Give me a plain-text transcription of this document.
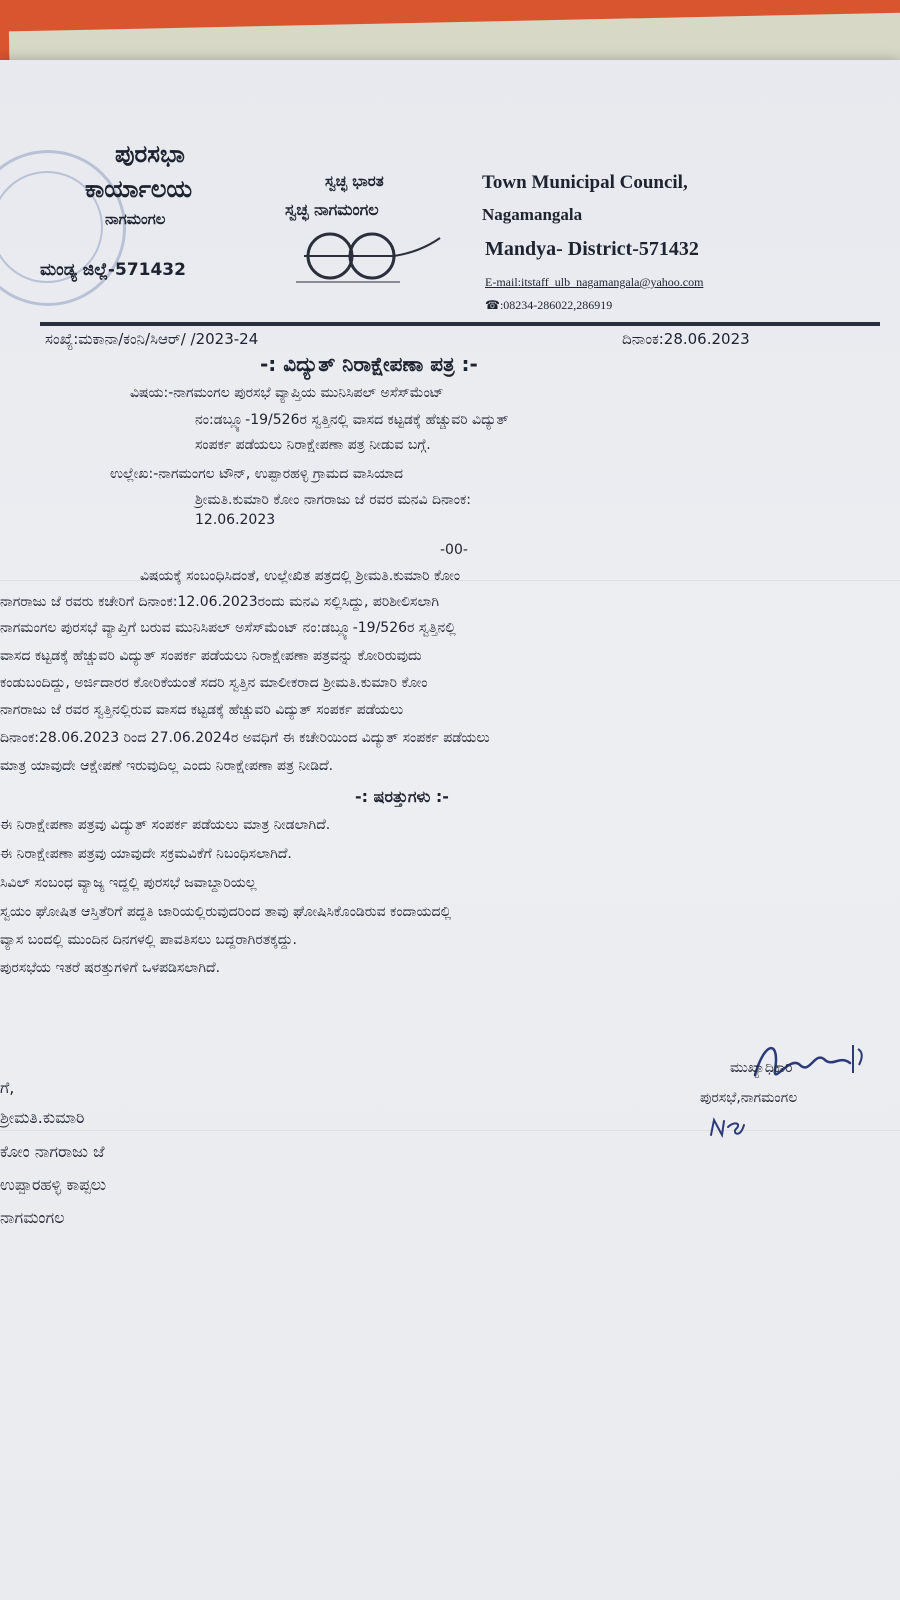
ಪುರಸಭಾ
ಕಾರ್ಯಾಲಯ
ನಾಗಮಂಗಲ
ಮಂಡ್ಯ ಜಿಲ್ಲೆ-571432
ಸ್ವಚ್ಛ ಭಾರತ
ಸ್ವಚ್ಛ ನಾಗಮಂಗಲ
Town Municipal Council,
Nagamangala
Mandya- District-571432
E-mail:itstaff_ulb_nagamangala@yahoo.com
☎:08234-286022,286919
ಸಂಖ್ಯೆ:ಮಕಾನಾ/ಕಂನಿ/ಸಿಆರ್/ /2023-24	ದಿನಾಂಕ:28.06.2023
-: ವಿದ್ಯುತ್ ನಿರಾಕ್ಷೇಪಣಾ ಪತ್ರ :-
ವಿಷಯ:-ನಾಗಮಂಗಲ ಪುರಸಭೆ ವ್ಯಾಪ್ತಿಯ ಮುನಿಸಿಪಲ್ ಅಸೆಸ್‌ಮೆಂಟ್
ನಂ:ಡಬ್ಲ್ಯೂ-19/526ರ ಸ್ವತ್ತಿನಲ್ಲಿ ವಾಸದ ಕಟ್ಟಡಕ್ಕೆ ಹೆಚ್ಚುವರಿ ವಿದ್ಯುತ್
ಸಂಪರ್ಕ ಪಡೆಯಲು ನಿರಾಕ್ಷೇಪಣಾ ಪತ್ರ ನೀಡುವ ಬಗ್ಗೆ.
ಉಲ್ಲೇಖ:-ನಾಗಮಂಗಲ ಟೌನ್, ಉಪ್ಪಾರಹಳ್ಳಿ ಗ್ರಾಮದ ವಾಸಿಯಾದ
ಶ್ರೀಮತಿ.ಕುಮಾರಿ ಕೋಂ ನಾಗರಾಜು ಜೆ ರವರ ಮನವಿ ದಿನಾಂಕ:
12.06.2023
-00-
ವಿಷಯಕ್ಕೆ ಸಂಬಂಧಿಸಿದಂತೆ, ಉಲ್ಲೇಖಿತ ಪತ್ರದಲ್ಲಿ ಶ್ರೀಮತಿ.ಕುಮಾರಿ ಕೋಂ
ನಾಗರಾಜು ಜೆ ರವರು ಕಚೇರಿಗೆ ದಿನಾಂಕ:12.06.2023ರಂದು ಮನವಿ ಸಲ್ಲಿಸಿದ್ದು, ಪರಿಶೀಲಿಸಲಾಗಿ
ನಾಗಮಂಗಲ ಪುರಸಭೆ ವ್ಯಾಪ್ತಿಗೆ ಬರುವ ಮುನಿಸಿಪಲ್ ಅಸೆಸ್‌ಮೆಂಟ್ ನಂ:ಡಬ್ಲ್ಯೂ-19/526ರ ಸ್ವತ್ತಿನಲ್ಲಿ
ವಾಸದ ಕಟ್ಟಡಕ್ಕೆ ಹೆಚ್ಚುವರಿ ವಿದ್ಯುತ್ ಸಂಪರ್ಕ ಪಡೆಯಲು ನಿರಾಕ್ಷೇಪಣಾ ಪತ್ರವನ್ನು ಕೋರಿರುವುದು
ಕಂಡುಬಂದಿದ್ದು, ಅರ್ಜಿದಾರರ ಕೋರಿಕೆಯಂತೆ ಸದರಿ ಸ್ವತ್ತಿನ ಮಾಲೀಕರಾದ ಶ್ರೀಮತಿ.ಕುಮಾರಿ ಕೋಂ
ನಾಗರಾಜು ಜೆ ರವರ ಸ್ವತ್ತಿನಲ್ಲಿರುವ ವಾಸದ ಕಟ್ಟಡಕ್ಕೆ ಹೆಚ್ಚುವರಿ ವಿದ್ಯುತ್ ಸಂಪರ್ಕ ಪಡೆಯಲು
ದಿನಾಂಕ:28.06.2023 ರಿಂದ 27.06.2024ರ ಅವಧಿಗೆ ಈ ಕಚೇರಿಯಿಂದ ವಿದ್ಯುತ್ ಸಂಪರ್ಕ ಪಡೆಯಲು
ಮಾತ್ರ ಯಾವುದೇ ಆಕ್ಷೇಪಣೆ ಇರುವುದಿಲ್ಲ ಎಂದು ನಿರಾಕ್ಷೇಪಣಾ ಪತ್ರ ನೀಡಿದೆ.
-: ಷರತ್ತುಗಳು :-
ಈ ನಿರಾಕ್ಷೇಪಣಾ ಪತ್ರವು ವಿದ್ಯುತ್ ಸಂಪರ್ಕ ಪಡೆಯಲು ಮಾತ್ರ ನೀಡಲಾಗಿದೆ.
ಈ ನಿರಾಕ್ಷೇಪಣಾ ಪತ್ರವು ಯಾವುದೇ ಸಕ್ರಮವಿಕೆಗೆ ನಿಬಂಧಿಸಲಾಗಿದೆ.
ಸಿವಿಲ್ ಸಂಬಂಧ ವ್ಯಾಜ್ಯ ಇದ್ದಲ್ಲಿ ಪುರಸಭೆ ಜವಾಬ್ದಾರಿಯಲ್ಲ
ಸ್ವಯಂ ಘೋಷಿತ ಆಸ್ತಿತೆರಿಗೆ ಪದ್ದತಿ ಜಾರಿಯಲ್ಲಿರುವುದರಿಂದ ತಾವು ಘೋಷಿಸಿಕೊಂಡಿರುವ ಕಂದಾಯದಲ್ಲಿ
ವ್ಯಾಸ ಬಂದಲ್ಲಿ ಮುಂದಿನ ದಿನಗಳಲ್ಲಿ ಪಾವತಿಸಲು ಬದ್ದರಾಗಿರತಕ್ಕದ್ದು.
ಪುರಸಭೆಯ ಇತರೆ ಷರತ್ತುಗಳಿಗೆ ಒಳಪಡಿಸಲಾಗಿದೆ.
ಮುಖ್ಯಾಧಿಕಾರಿ
ಪುರಸಭೆ,ನಾಗಮಂಗಲ
ಗೆ,
ಶ್ರೀಮತಿ.ಕುಮಾರಿ
ಕೋಂ ನಾಗರಾಜು ಜೆ
ಉಪ್ಪಾರಹಳ್ಳಿ ಕಾಪ್ಪಲು
ನಾಗಮಂಗಲ
